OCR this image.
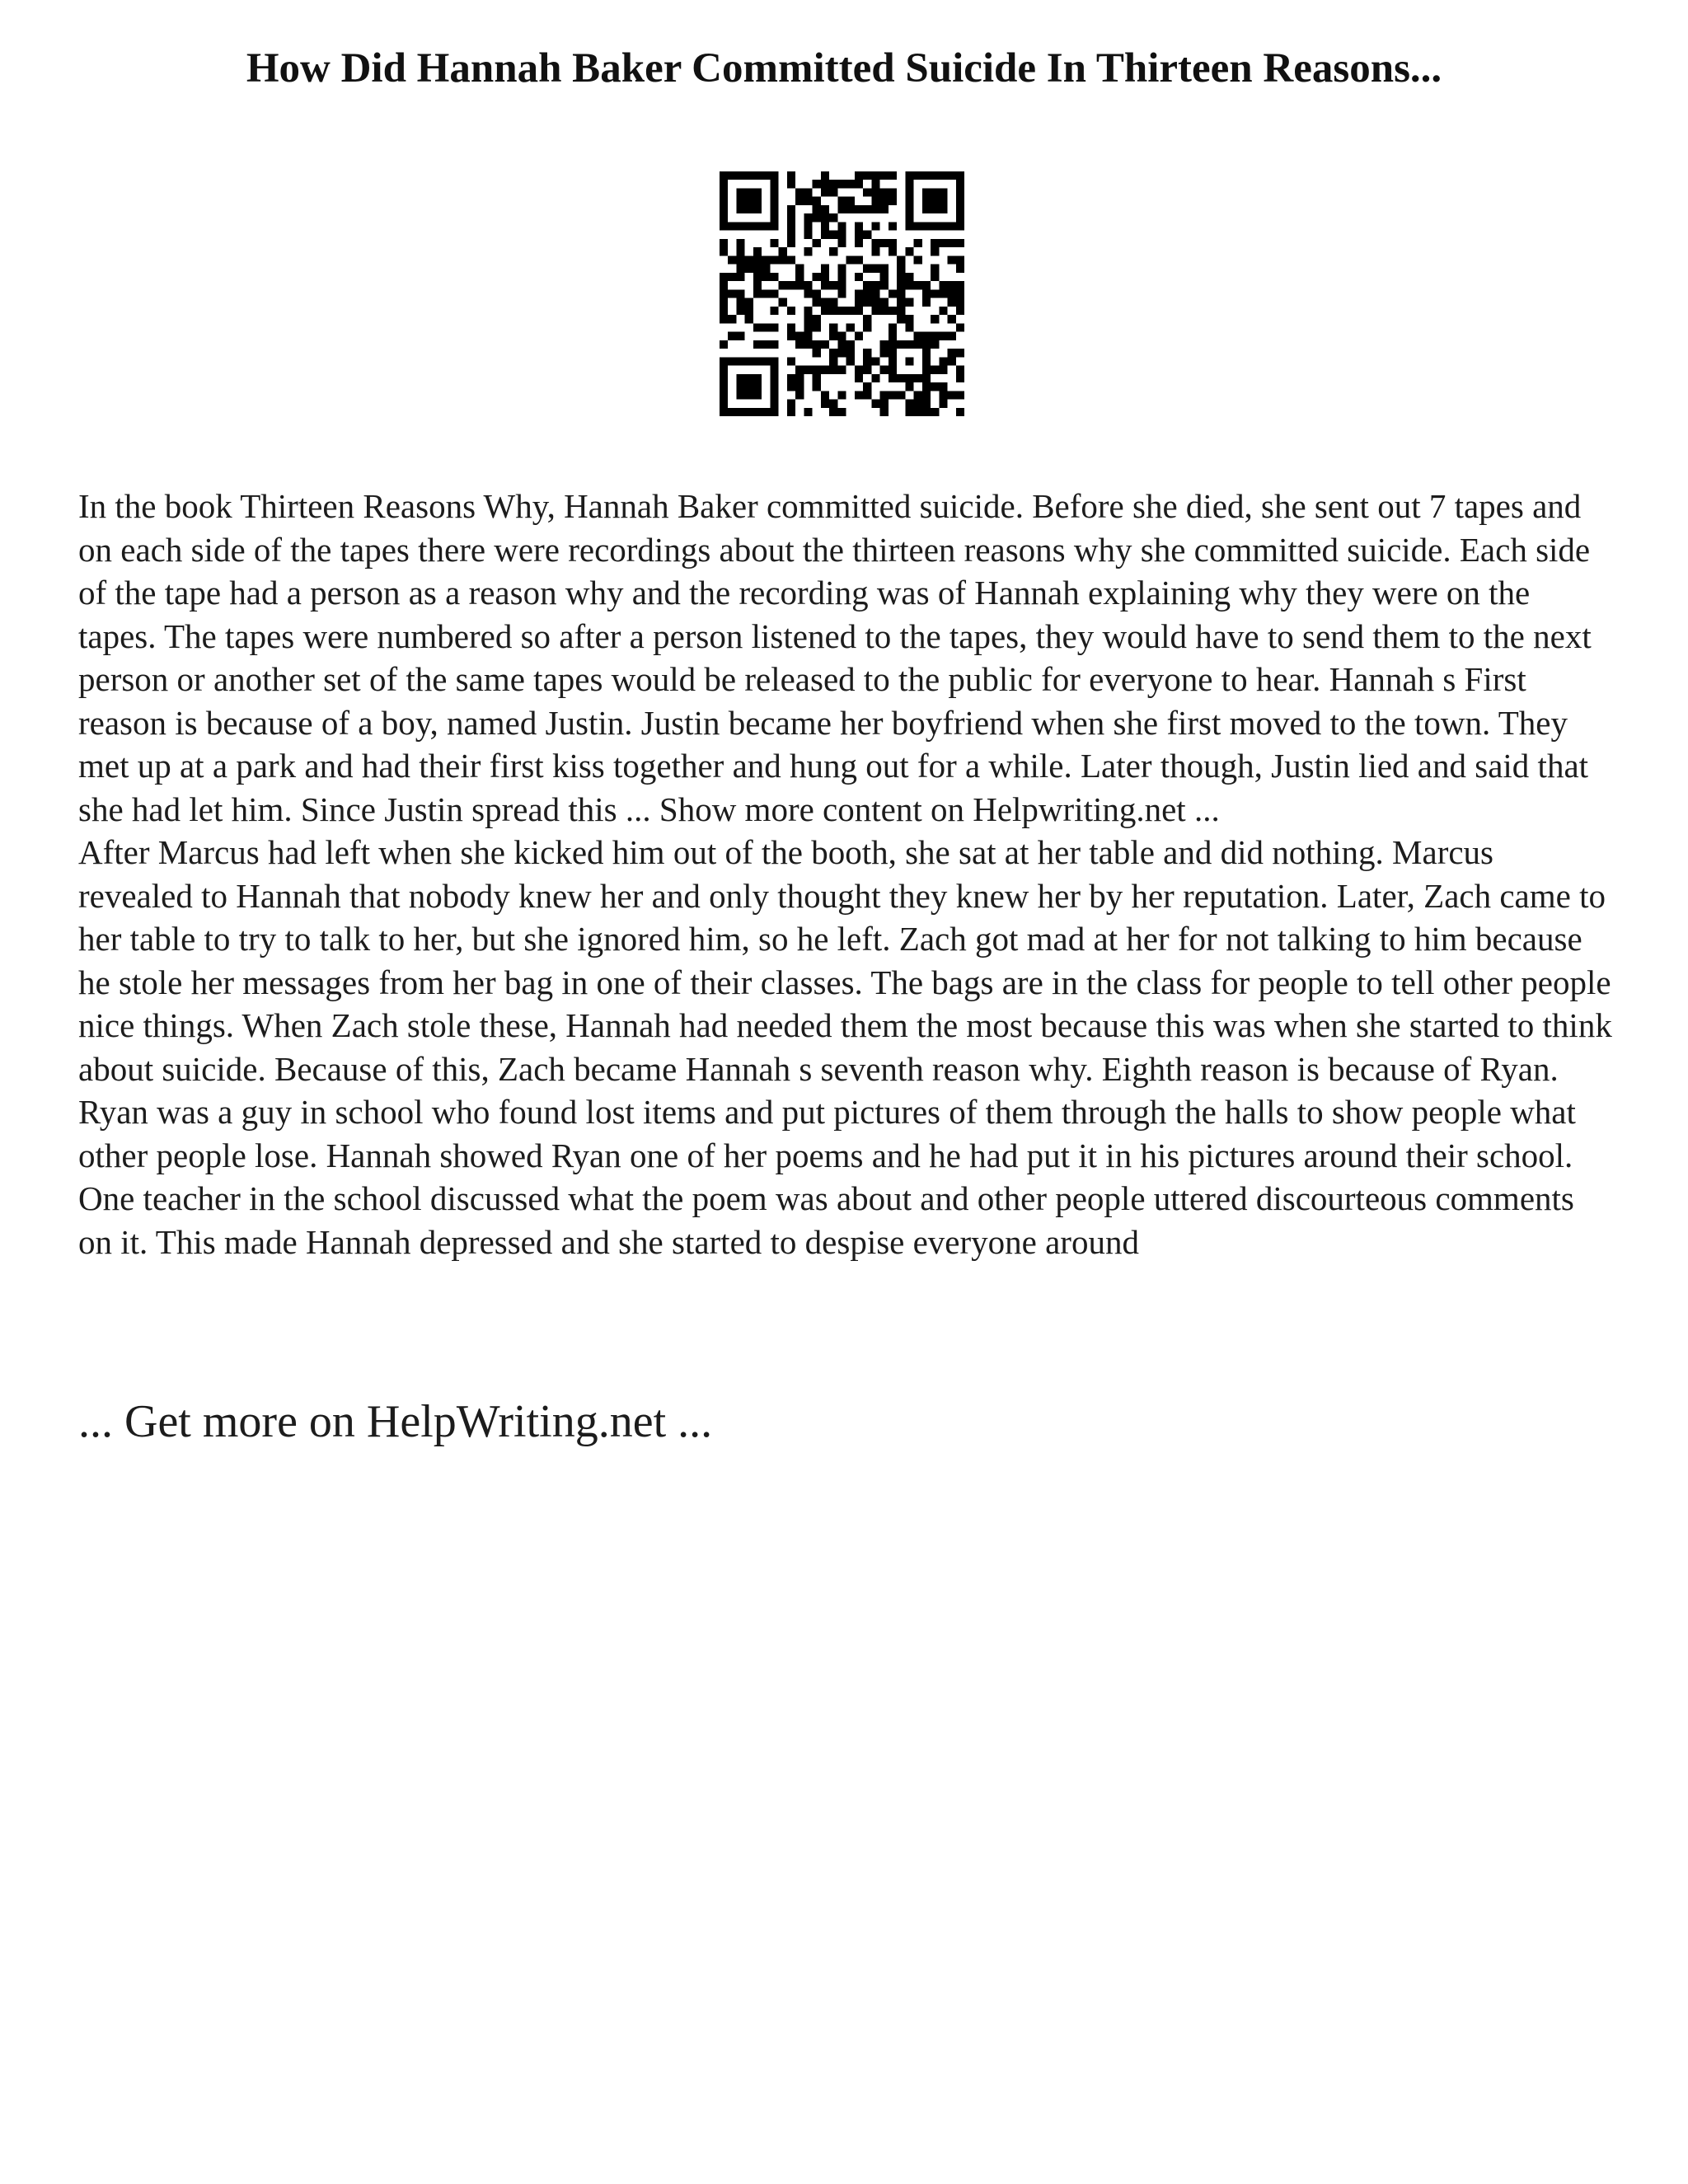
How Did Hannah Baker Committed Suicide In Thirteen Reasons...

In the book Thirteen Reasons Why, Hannah Baker committed suicide. Before she died, she sent out 7 tapes and on each side of the tapes there were recordings about the thirteen reasons why she committed suicide. Each side of the tape had a person as a reason why and the recording was of Hannah explaining why they were on the tapes. The tapes were numbered so after a person listened to the tapes, they would have to send them to the next person or another set of the same tapes would be released to the public for everyone to hear. Hannah s First reason is because of a boy, named Justin. Justin became her boyfriend when she first moved to the town. They met up at a park and had their first kiss together and hung out for a while. Later though, Justin lied and said that she had let him. Since Justin spread this ... Show more content on Helpwriting.net ...

After Marcus had left when she kicked him out of the booth, she sat at her table and did nothing. Marcus revealed to Hannah that nobody knew her and only thought they knew her by her reputation. Later, Zach came to her table to try to talk to her, but she ignored him, so he left. Zach got mad at her for not talking to him because he stole her messages from her bag in one of their classes. The bags are in the class for people to tell other people nice things. When Zach stole these, Hannah had needed them the most because this was when she started to think about suicide. Because of this, Zach became Hannah s seventh reason why. Eighth reason is because of Ryan. Ryan was a guy in school who found lost items and put pictures of them through the halls to show people what other people lose. Hannah showed Ryan one of her poems and he had put it in his pictures around their school. One teacher in the school discussed what the poem was about and other people uttered discourteous comments on it. This made Hannah depressed and she started to despise everyone around

... Get more on HelpWriting.net ...
